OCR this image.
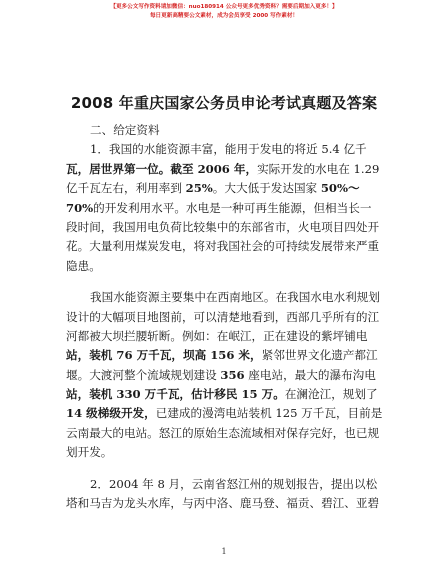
【更多公文写作资料请加微信：nuo180914 公众号更多优秀资料？需要后期加入更多！】
每日更新高精要公文素材，成为会员享受 2000 写作素材！
2008 年重庆国家公务员申论考试真题及答案
二、给定资料
1．我国的水能资源丰富，能用于发电的将近 5.4 亿千
瓦，居世界第一位。截至 2006 年，实际开发的水电在 1.29
亿千瓦左右，利用率到 25%。大大低于发达国家 50%～
70%的开发利用水平。水电是一种可再生能源，但相当长一
段时间，我国用电负荷比较集中的东部省市，火电项目四处开
花。大量利用煤炭发电，将对我国社会的可持续发展带来严重
隐患。
我国水能资源主要集中在西南地区。在我国水电水利规划
设计的大幅项目地图前，可以清楚地看到，西部几乎所有的江
河都被大坝拦腰斩断。例如：在岷江，正在建设的紫坪铺电
站，装机 76 万千瓦，坝高 156 米，紧邻世界文化遗产都江
堰。大渡河整个流域规划建设 356 座电站，最大的瀑布沟电
站，装机 330 万千瓦，估计移民 15 万。在澜沧江，规划了
14 级梯级开发，已建成的漫湾电站装机 125 万千瓦，目前是
云南最大的电站。怒江的原始生态流域相对保存完好，也已规
划开发。
2．2004 年 8 月，云南省怒江州的规划报告，提出以松
塔和马吉为龙头水库，与丙中洛、鹿马登、福贡、碧江、亚碧
1
